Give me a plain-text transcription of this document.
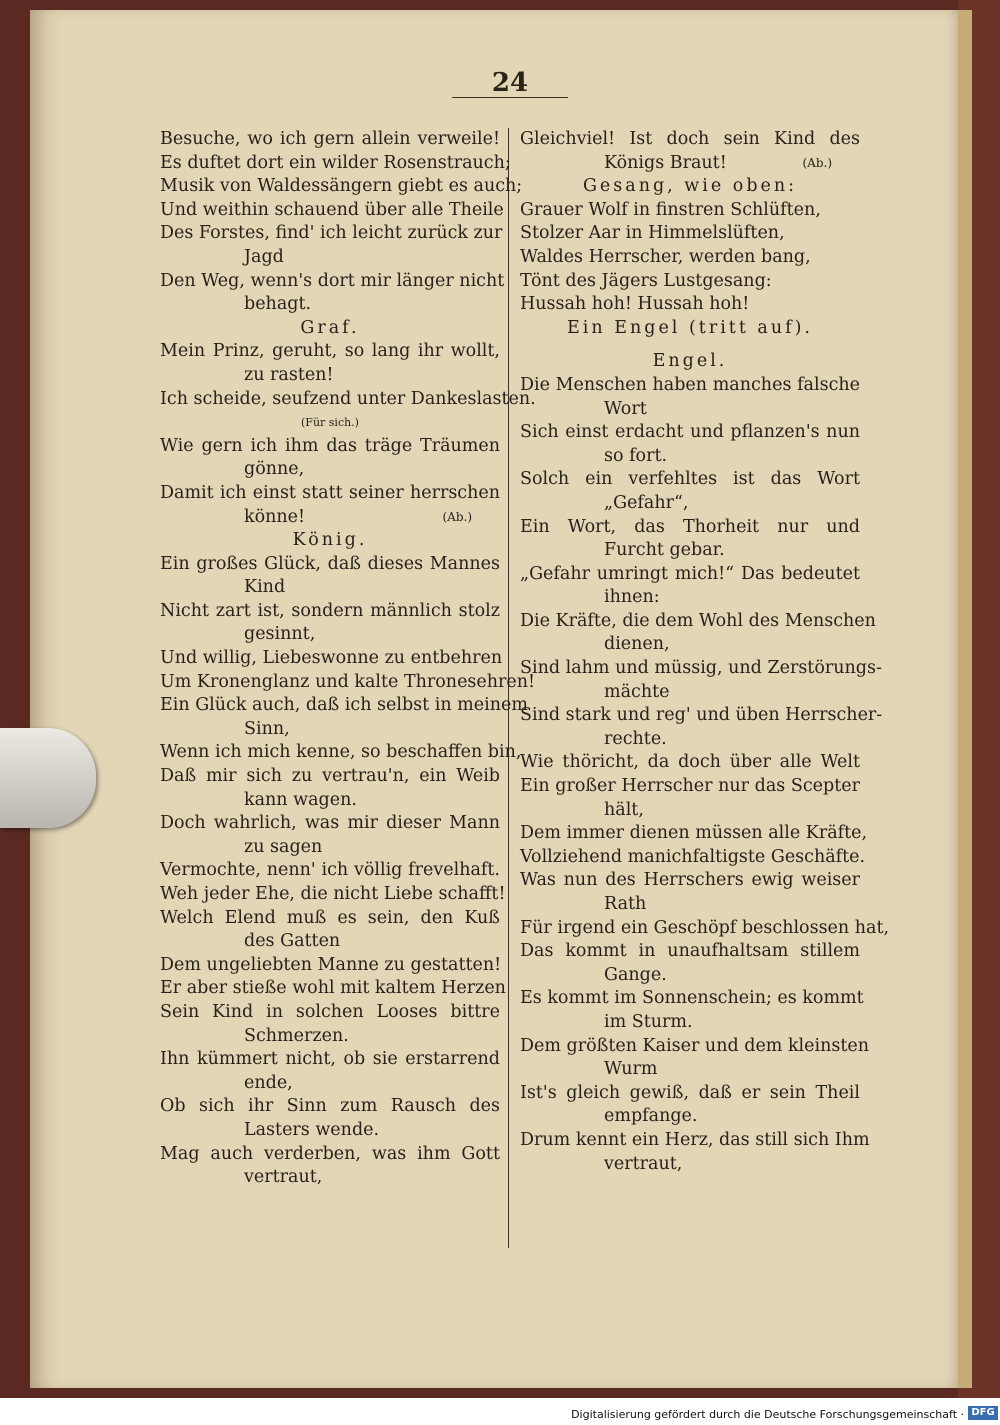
24
Besuche, wo ich gern allein verweile!
Es duftet dort ein wilder Rosenstrauch;
Musik von Waldessängern giebt es auch;
Und weithin schauend über alle Theile
Des Forstes, find' ich leicht zurück zur
Jagd
Den Weg, wenn's dort mir länger nicht
behagt.
Graf.
Mein Prinz, geruht, so lang ihr wollt,
zu rasten!
Ich scheide, seufzend unter Dankeslasten.
(Für sich.)
Wie gern ich ihm das träge Träumen
gönne,
Damit ich einst statt seiner herrschen
könne!	(Ab.)
König.
Ein großes Glück, daß dieses Mannes
Kind
Nicht zart ist, sondern männlich stolz
gesinnt,
Und willig, Liebeswonne zu entbehren
Um Kronenglanz und kalte Thronesehren!
Ein Glück auch, daß ich selbst in meinem
Sinn,
Wenn ich mich kenne, so beschaffen bin,
Daß mir sich zu vertrau'n, ein Weib
kann wagen.
Doch wahrlich, was mir dieser Mann
zu sagen
Vermochte, nenn' ich völlig frevelhaft.
Weh jeder Ehe, die nicht Liebe schafft!
Welch Elend muß es sein, den Kuß
des Gatten
Dem ungeliebten Manne zu gestatten!
Er aber stieße wohl mit kaltem Herzen
Sein Kind in solchen Looses bittre
Schmerzen.
Ihn kümmert nicht, ob sie erstarrend
ende,
Ob sich ihr Sinn zum Rausch des
Lasters wende.
Mag auch verderben, was ihm Gott
vertraut,
Gleichviel! Ist doch sein Kind des
Königs Braut!	(Ab.)
Gesang, wie oben:
Grauer Wolf in finstren Schlüften,
Stolzer Aar in Himmelslüften,
Waldes Herrscher, werden bang,
Tönt des Jägers Lustgesang:
Hussah hoh! Hussah hoh!
Ein Engel (tritt auf).
Engel.
Die Menschen haben manches falsche
Wort
Sich einst erdacht und pflanzen's nun
so fort.
Solch ein verfehltes ist das Wort
„Gefahr“,
Ein Wort, das Thorheit nur und
Furcht gebar.
„Gefahr umringt mich!“ Das bedeutet
ihnen:
Die Kräfte, die dem Wohl des Menschen
dienen,
Sind lahm und müssig, und Zerstörungs-
mächte
Sind stark und reg' und üben Herrscher-
rechte.
Wie thöricht, da doch über alle Welt
Ein großer Herrscher nur das Scepter
hält,
Dem immer dienen müssen alle Kräfte,
Vollziehend manichfaltigste Geschäfte.
Was nun des Herrschers ewig weiser
Rath
Für irgend ein Geschöpf beschlossen hat,
Das kommt in unaufhaltsam stillem
Gange.
Es kommt im Sonnenschein; es kommt
im Sturm.
Dem größten Kaiser und dem kleinsten
Wurm
Ist's gleich gewiß, daß er sein Theil
empfange.
Drum kennt ein Herz, das still sich Ihm
vertraut,
Digitalisierung gefördert durch die Deutsche Forschungsgemeinschaft · DFG
